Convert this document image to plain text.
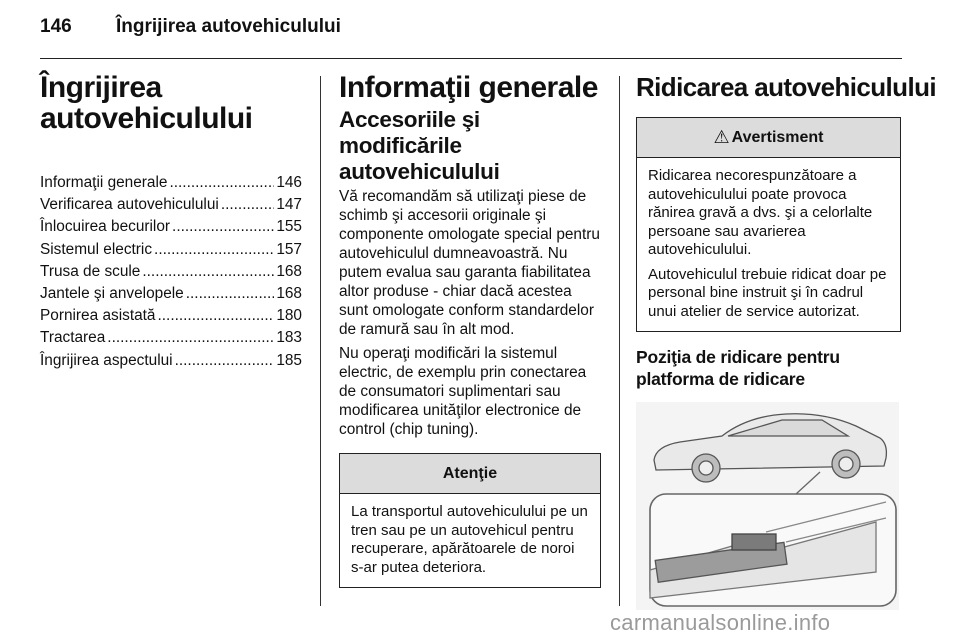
146 Îngrijirea autovehiculului
Îngrijirea
autovehiculului
Informaţii generale .....	146
Verificarea autovehiculului .....	147
Înlocuirea becurilor .....	155
Sistemul electric .....	157
Trusa de scule .....	168
Jantele şi anvelopele .....	168
Pornirea asistată .....	180
Tractarea .....	183
Îngrijirea aspectului .....	185
Informaţii generale
Accesoriile şi modificările autovehiculului

Vă recomandăm să utilizaţi piese de schimb şi accesorii originale şi componente omologate special pentru autovehiculul dumneavoastră. Nu putem evalua sau garanta fiabilitatea altor produse - chiar dacă acestea sunt omologate conform standardelor de ramură sau în alt mod.

Nu operaţi modificări la sistemul electric, de exemplu prin conectarea de consumatori suplimentari sau modificarea unităţilor electronice de control (chip tuning).

Atenţie

La transportul autovehiculului pe un tren sau pe un autovehicul pentru recuperare, apărătoarele de noroi s-ar putea deteriora.

Ridicarea autovehiculului
⚠ Avertisment

Ridicarea necorespunzătoare a autovehiculului poate provoca rănirea gravă a dvs. şi a celorlalte persoane sau avarierea autovehiculului.

Autovehiculul trebuie ridicat doar pe personal bine instruit şi în cadrul unui atelier de service autorizat.

Poziţia de ridicare pentru platforma de ridicare
carmanualsonline.info
